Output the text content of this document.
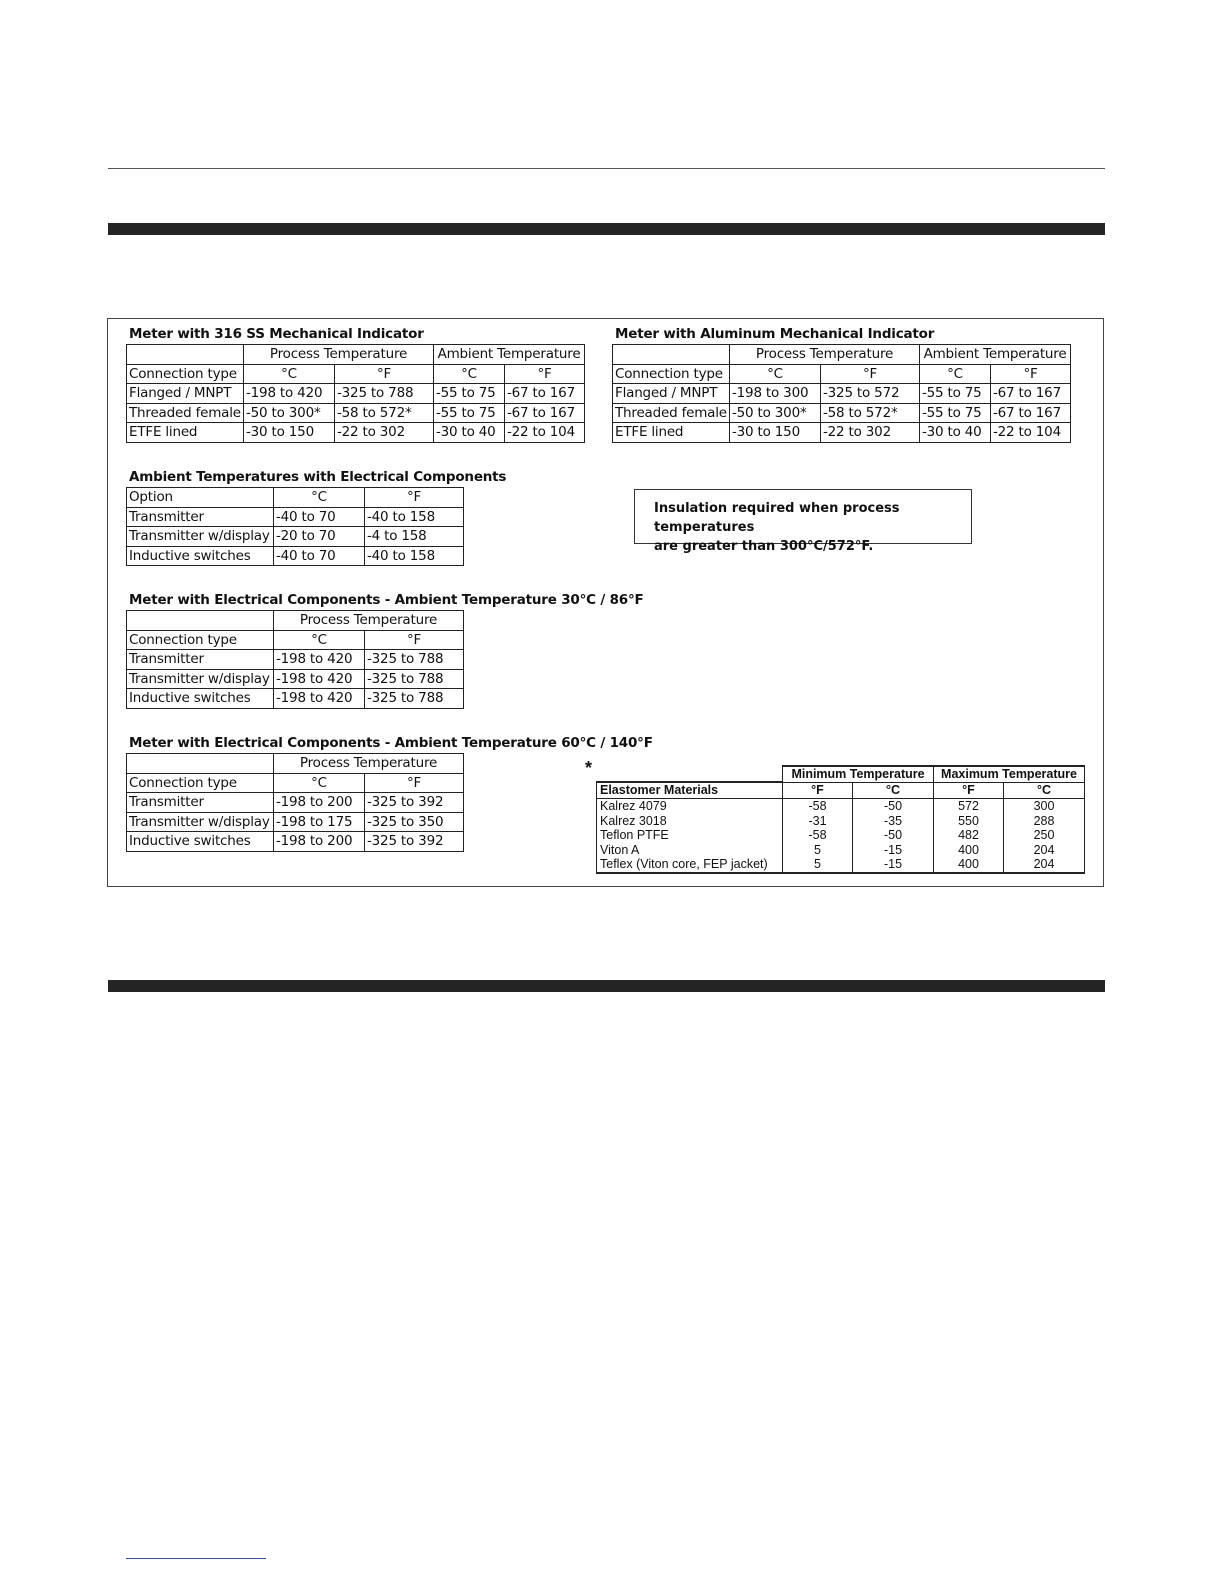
Meter with 316 SS Mechanical Indicator
	Process Temperature		Ambient Temperature	
Connection type	°C	°F	°C	°F
Flanged / MNPT	-198 to 420	-325 to 788	-55 to 75	-67 to 167
Threaded female	-50 to 300*	-58 to 572*	-55 to 75	-67 to 167
ETFE lined	-30 to 150	-22 to 302	-30 to 40	-22 to 104
Meter with Aluminum Mechanical Indicator
	Process Temperature		Ambient Temperature	
Connection type	°C	°F	°C	°F
Flanged / MNPT	-198 to 300	-325 to 572	-55 to 75	-67 to 167
Threaded female	-50 to 300*	-58 to 572*	-55 to 75	-67 to 167
ETFE lined	-30 to 150	-22 to 302	-30 to 40	-22 to 104
Ambient Temperatures with Electrical Components
Option	°C	°F
Transmitter	-40 to 70	-40 to 158
Transmitter w/display	-20 to 70	-4 to 158
Inductive switches	-40 to 70	-40 to 158
Insulation required when process temperatures
are greater than 300°C/572°F.
Meter with Electrical Components - Ambient Temperature 30°C / 86°F
	Process Temperature	
Connection type	°C	°F
Transmitter	-198 to 420	-325 to 788
Transmitter w/display	-198 to 420	-325 to 788
Inductive switches	-198 to 420	-325 to 788
Meter with Electrical Components - Ambient Temperature 60°C / 140°F
	Process Temperature	
Connection type	°C	°F
Transmitter	-198 to 200	-325 to 392
Transmitter w/display	-198 to 175	-325 to 350
Inductive switches	-198 to 200	-325 to 392
*
		Minimum Temperature		Maximum Temperature	
Elastomer Materials	°F	°C	°F	°C
Kalrez 4079	-58	-50	572	300
Kalrez 3018	-31	-35	550	288
Teflon PTFE	-58	-50	482	250
Viton A	5	-15	400	204
Teflex (Viton core, FEP jacket)	5	-15	400	204
